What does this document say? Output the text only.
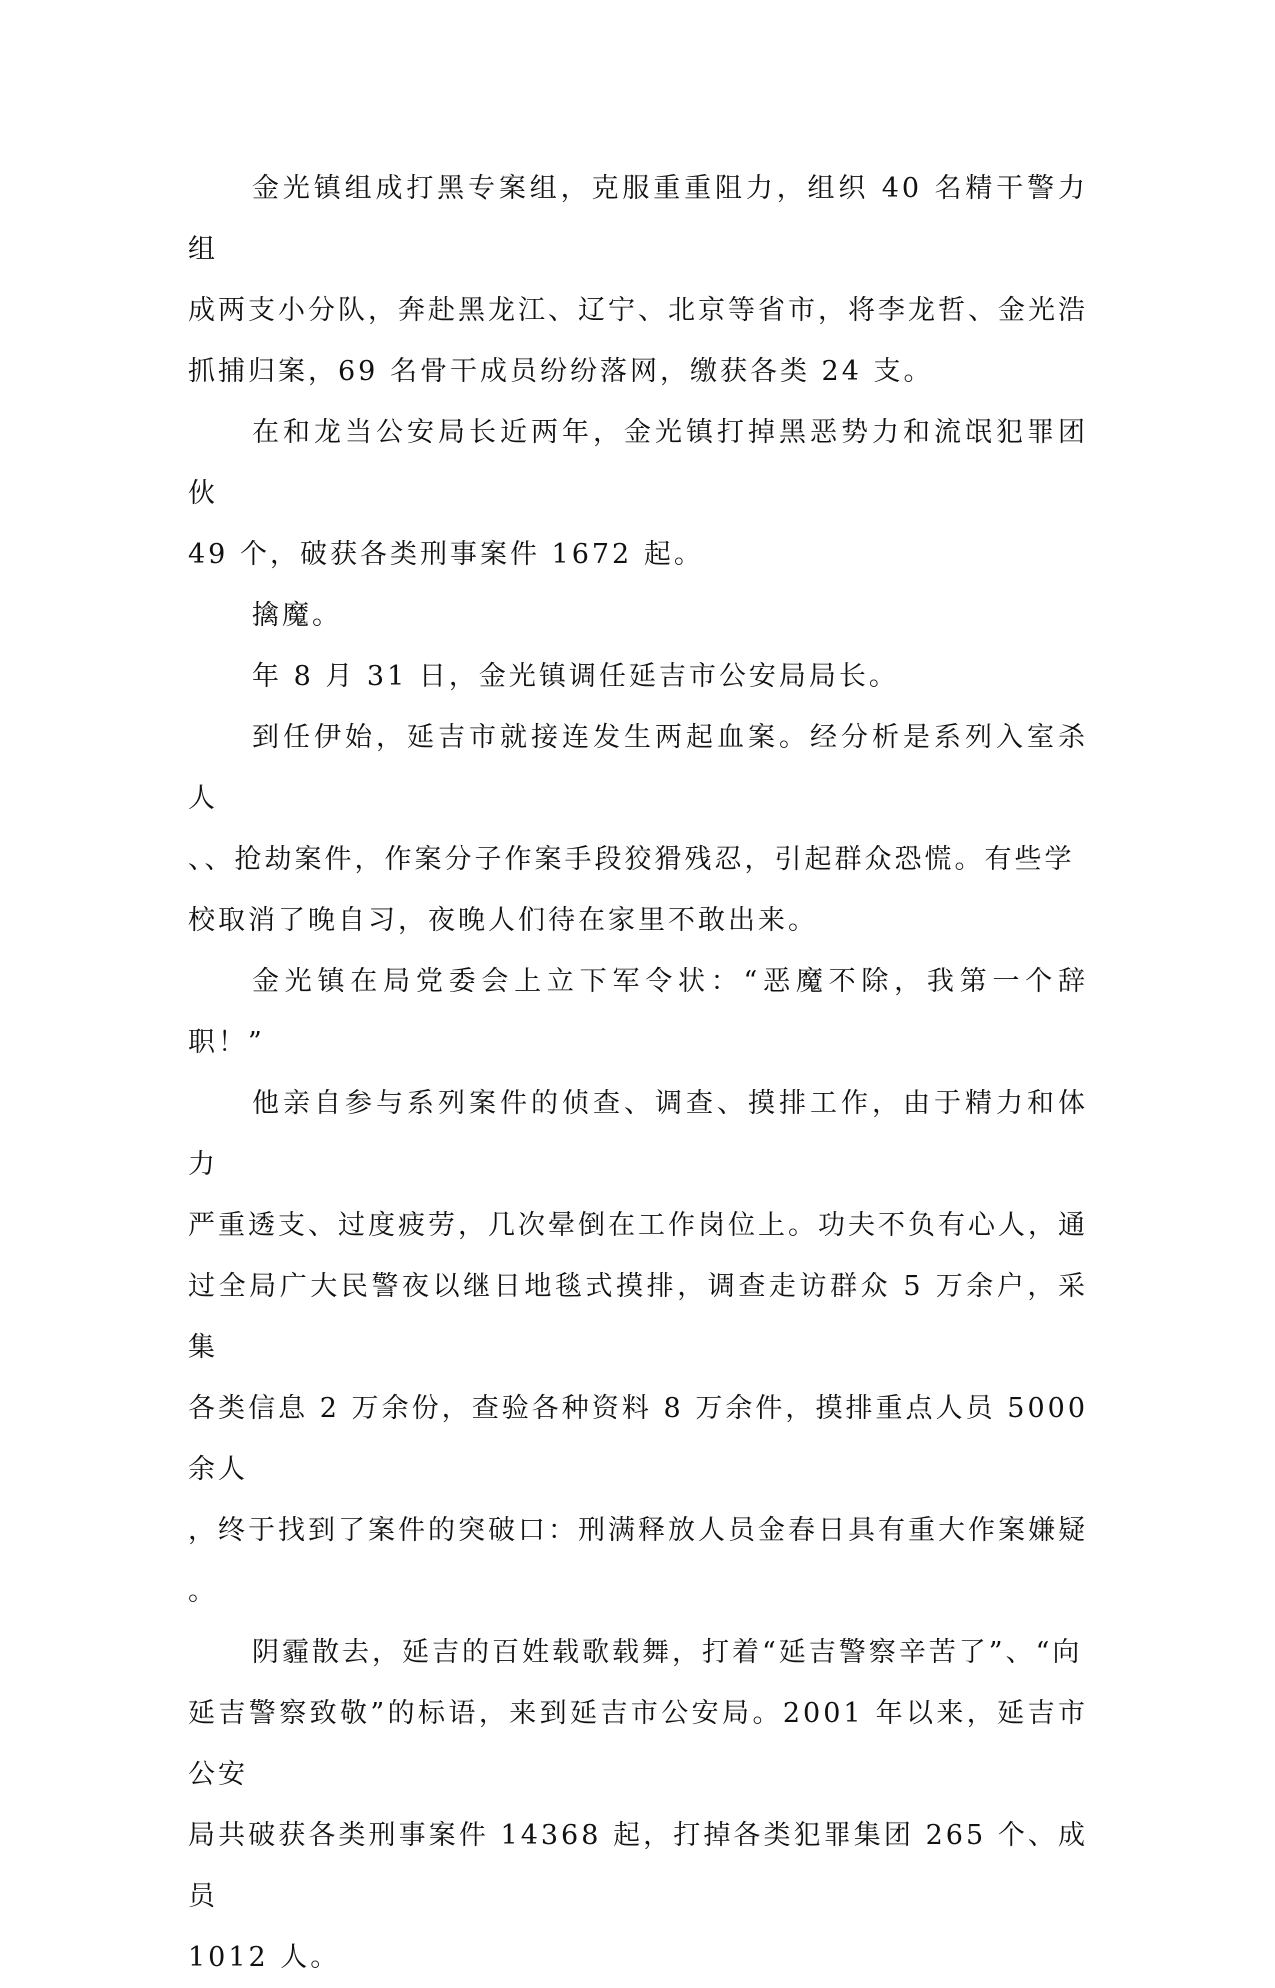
金光镇组成打黑专案组，克服重重阻力，组织 40 名精干警力组

成两支小分队，奔赴黑龙江、辽宁、北京等省市，将李龙哲、金光浩

抓捕归案，69 名骨干成员纷纷落网，缴获各类 24 支。

在和龙当公安局长近两年，金光镇打掉黑恶势力和流氓犯罪团伙

49 个，破获各类刑事案件 1672 起。

擒魔。

年 8 月 31 日，金光镇调任延吉市公安局局长。

到任伊始，延吉市就接连发生两起血案。经分析是系列入室杀人

、、抢劫案件，作案分子作案手段狡猾残忍，引起群众恐慌。有些学

校取消了晚自习，夜晚人们待在家里不敢出来。

金光镇在局党委会上立下军令状：“恶魔不除，我第一个辞职！”

他亲自参与系列案件的侦查、调查、摸排工作，由于精力和体力

严重透支、过度疲劳，几次晕倒在工作岗位上。功夫不负有心人，通

过全局广大民警夜以继日地毯式摸排，调查走访群众 5 万余户，采集

各类信息 2 万余份，查验各种资料 8 万余件，摸排重点人员 5000 余人

，终于找到了案件的突破口：刑满释放人员金春日具有重大作案嫌疑

。

阴霾散去，延吉的百姓载歌载舞，打着“延吉警察辛苦了”、“向

延吉警察致敬”的标语，来到延吉市公安局。2001 年以来，延吉市公安

局共破获各类刑事案件 14368 起，打掉各类犯罪集团 265 个、成员

1012 人。
